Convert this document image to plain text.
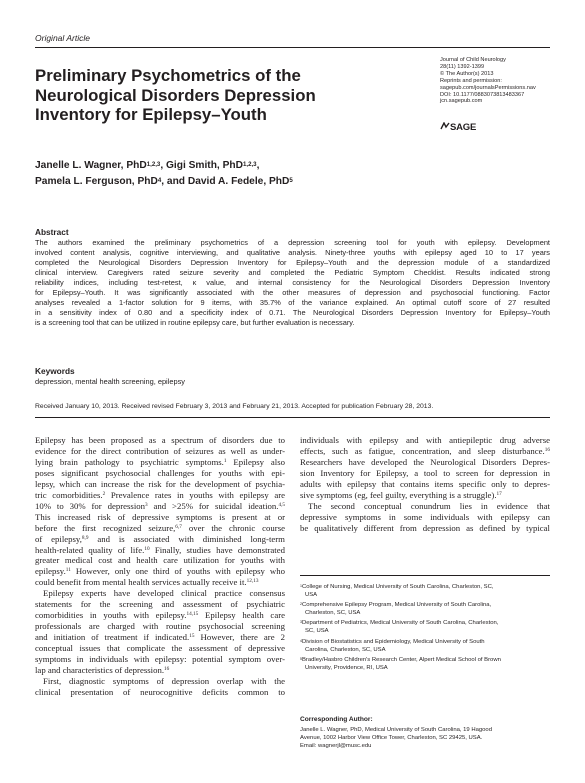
Original Article
Preliminary Psychometrics of the
Neurological Disorders Depression
Inventory for Epilepsy–Youth
Journal of Child Neurology
28(11) 1392-1399
© The Author(s) 2013
Reprints and permission:
sagepub.com/journalsPermissions.nav
DOI: 10.1177/0883073813483367
jcn.sagepub.com
SAGE
Janelle L. Wagner, PhD$^{1,2,3}$, Gigi Smith, PhD$^{1,2,3}$,
Pamela L. Ferguson, PhD$^4$, and David A. Fedele, PhD$^5$
Abstract
The authors examined the preliminary psychometrics of a depression screening tool for youth with epilepsy. Development
involved content analysis, cognitive interviewing, and qualitative analysis. Ninety-three youths with epilepsy aged 10 to 17 years
completed the Neurological Disorders Depression Inventory for Epilepsy–Youth and the depression module of a standardized
clinical interview. Caregivers rated seizure severity and completed the Pediatric Symptom Checklist. Results indicated strong
reliability indices, including test-retest, κ value, and internal consistency for the Neurological Disorders Depression Inventory
for Epilepsy–Youth. It was significantly associated with the other measures of depression and psychosocial functioning. Factor
analyses revealed a 1-factor solution for 9 items, with 35.7% of the variance explained. An optimal cutoff score of 27 resulted
in a sensitivity index of 0.80 and a specificity index of 0.71. The Neurological Disorders Depression Inventory for Epilepsy–Youth
is a screening tool that can be utilized in routine epilepsy care, but further evaluation is necessary.
Keywords
depression, mental health screening, epilepsy
Received January 10, 2013. Received revised February 3, 2013 and February 21, 2013. Accepted for publication February 28, 2013.
Epilepsy has been proposed as a spectrum of disorders due to
evidence for the direct contribution of seizures as well as under-
lying brain pathology to psychiatric symptoms.$^1$ Epilepsy also
poses significant psychosocial challenges for youths with epi-
lepsy, which can increase the risk for the development of psychia-
tric comorbidities.$^2$ Prevalence rates in youths with epilepsy are
10% to 30% for depression$^3$ and >25% for suicidal ideation.$^{4,5}$
This increased risk of depressive symptoms is present at or
before the first recognized seizure,$^{6,7}$ over the chronic course
of epilepsy,$^{8,9}$ and is associated with diminished long-term
health-related quality of life.$^{10}$ Finally, studies have demonstrated
greater medical cost and health care utilization for youths with
epilepsy.$^{11}$ However, only one third of youths with epilepsy who
could benefit from mental health services actually receive it.$^{12,13}$
Epilepsy experts have developed clinical practice consensus
statements for the screening and assessment of psychiatric
comorbidities in youths with epilepsy.$^{14,15}$ Epilepsy health care
professionals are charged with routine psychosocial screening
and initiation of treatment if indicated.$^{15}$ However, there are 2
conceptual issues that complicate the assessment of depressive
symptoms in individuals with epilepsy: potential symptom over-
lap and characteristics of depression.$^{16}$
First, diagnostic symptoms of depression overlap with the
clinical presentation of neurocognitive deficits common to
individuals with epilepsy and with antiepileptic drug adverse
effects, such as fatigue, concentration, and sleep disturbance.$^{16}$
Researchers have developed the Neurological Disorders Depres-
sion Inventory for Epilepsy, a tool to screen for depression in
adults with epilepsy that contains items specific only to depres-
sive symptoms (eg, feel guilty, everything is a struggle).$^{17}$
The second conceptual conundrum lies in evidence that
depressive symptoms in some individuals with epilepsy can
be qualitatively different from depression as defined by typical
$^1$College of Nursing, Medical University of South Carolina, Charleston, SC,
USA
$^2$Comprehensive Epilepsy Program, Medical University of South Carolina,
Charleston, SC, USA
$^3$Department of Pediatrics, Medical University of South Carolina, Charleston,
SC, USA
$^4$Division of Biostatistics and Epidemiology, Medical University of South
Carolina, Charleston, SC, USA
$^5$Bradley/Hasbro Children's Research Center, Alpert Medical School of Brown
University, Providence, RI, USA
Corresponding Author:
Janelle L. Wagner, PhD, Medical University of South Carolina, 19 Hagood
Avenue, 1002 Harbor View Office Tower, Charleston, SC 29425, USA.
Email: wagnerjl@musc.edu
